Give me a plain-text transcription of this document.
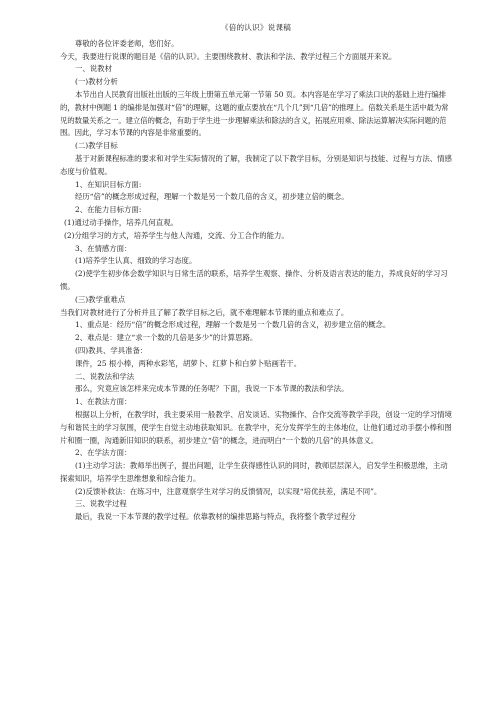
《倍的认识》说课稿

尊敬的各位评委老师，您们好。

今天，我要进行说课的题目是《倍的认识》。主要围绕教材、教法和学法、教学过程三个方面展开来说。

一、说教材

(一)教材分析

本节出自人民教育出版社出版的三年级上册第五单元第一节第 50 页。本内容是在学习了乘法口诀的基础上进行编排的，教材中例题 1 的编排是加强对“倍”的理解，这题的重点要放在“几个几”到“几倍”的推理上。倍数关系是生活中最为常见的数量关系之一。建立倍的概念，有助于学生进一步理解乘法和除法的含义，拓展应用乘、除法运算解决实际问题的范围。因此，学习本节课的内容是非常重要的。

(二)教学目标

基于对新课程标准的要求和对学生实际情况的了解，我制定了以下教学目标，分别是知识与技能、过程与方法、情感态度与价值观。

1、在知识目标方面:

经历“倍”的概念形成过程，理解一个数是另一个数几倍的含义，初步建立倍的概念。

2、在能力目标方面:

(1)通过动手操作，培养几何直观。

(2)分组学习的方式，培养学生与他人沟通，交流、分工合作的能力。

3、在情感方面：

(1)培养学生认真、细致的学习态度。

(2)使学生初步体会数学知识与日常生活的联系，培养学生观察、操作、分析及语言表达的能力，养成良好的学习习惯。

(三)教学重难点

当我们对教材进行了分析并且了解了教学目标之后，就不难理解本节课的重点和难点了。

1、重点是：经历“倍”的概念形成过程，理解一个数是另一个数几倍的含义，初步建立倍的概念。

2、难点是：建立“求一个数的几倍是多少”的计算思路。

(四)教具、学具准备：

课件，25 根小棒，两种水彩笔，胡萝卜、红萝卜和白萝卜贴画若干。

二、说教法和学法

那么，究竟应该怎样来完成本节课的任务呢？下面，我说一下本节课的教法和学法。

1、在教法方面：

根据以上分析，在教学时，我主要采用一般教学、启发谈话、实物操作、合作交流等教学手段，创设一定的学习情境与和谐民主的学习氛围，使学生自觉主动地获取知识。在教学中，充分发挥学生的主体地位，让他们通过动手摆小棒和图片和圈一圈，沟通新旧知识的联系，初步建立“倍”的概念，进而明白“一个数的几倍”的具体意义。

2、在学法方面：

(1)主动学习法：教师举出例子，提出问题，让学生获得感性认识的同时，教师层层深入，启发学生积极思维，主动探索知识，培养学生思维想象和综合能力。

(2)反馈补救法：在练习中，注意观察学生对学习的反馈情况，以实现“培优扶差，满足不同”。

三、说教学过程

最后，我说一下本节课的教学过程。依靠教材的编排思路与特点，我将整个教学过程分
